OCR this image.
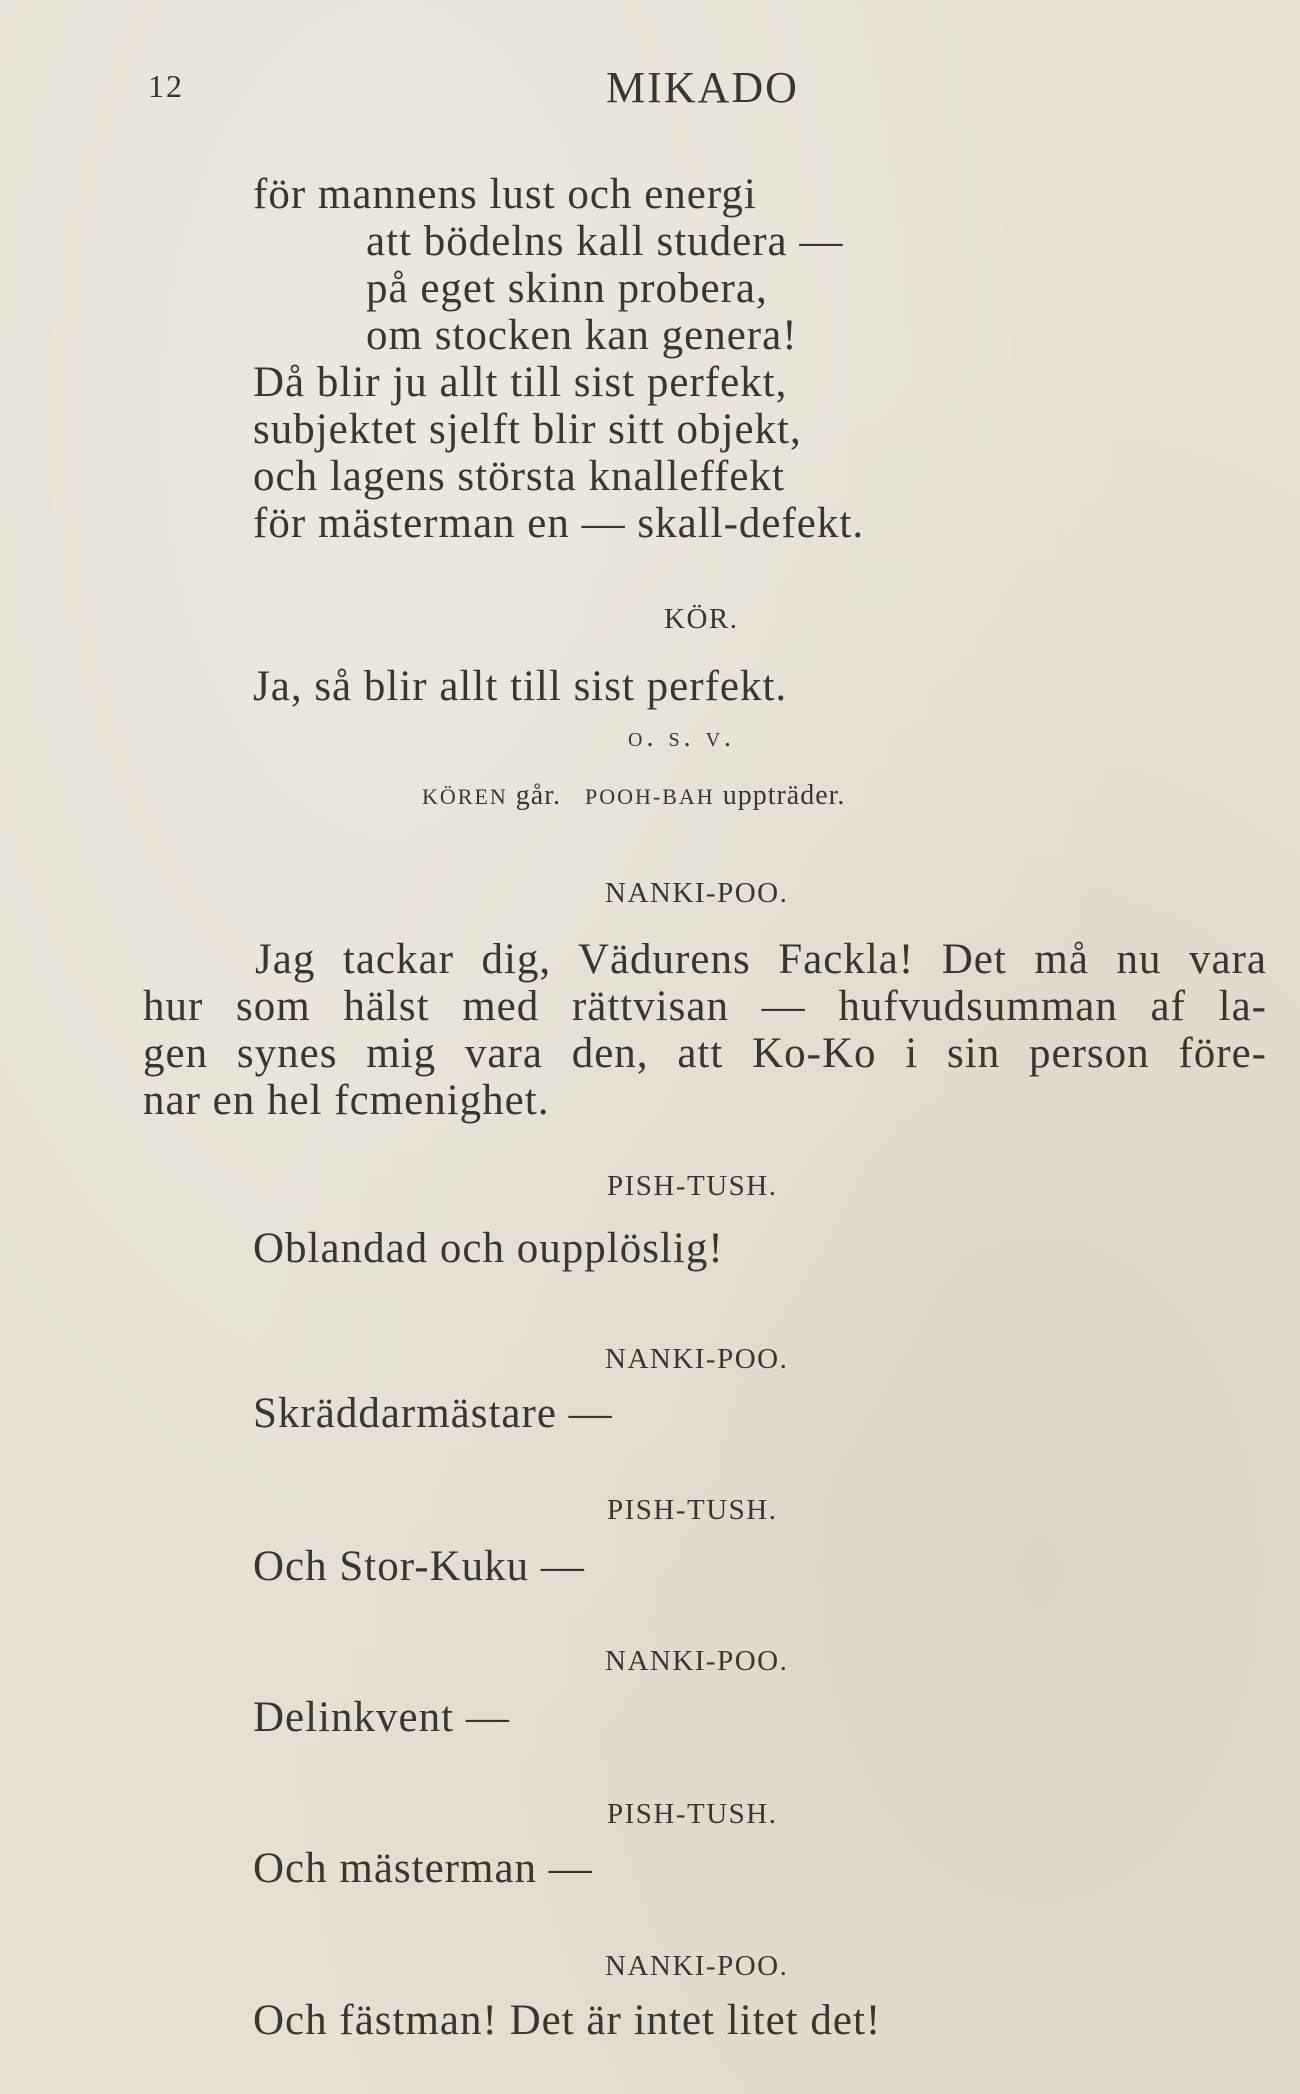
12	MIKADO
för mannens lust och energi
att bödelns kall studera —
på eget skinn probera,
om stocken kan genera!
Då blir ju allt till sist perfekt,
subjektet sjelft blir sitt objekt,
och lagens största knalleffekt
för mästerman en — skall-defekt.
KÖR.
Ja, så blir allt till sist perfekt.
o. s. v.
KÖREN går. POOH-BAH uppträder.
NANKI-POO.
Jag tackar dig, Vädurens Fackla! Det må nu vara
hur som hälst med rättvisan — hufvudsumman af la-
gen synes mig vara den, att Ko-Ko i sin person före-
nar en hel fcmenighet.
PISH-TUSH.
Oblandad och oupplöslig!
NANKI-POO.
Skräddarmästare —
PISH-TUSH.
Och Stor-Kuku —
NANKI-POO.
Delinkvent —
PISH-TUSH.
Och mästerman —
NANKI-POO.
Och fästman! Det är intet litet det!
